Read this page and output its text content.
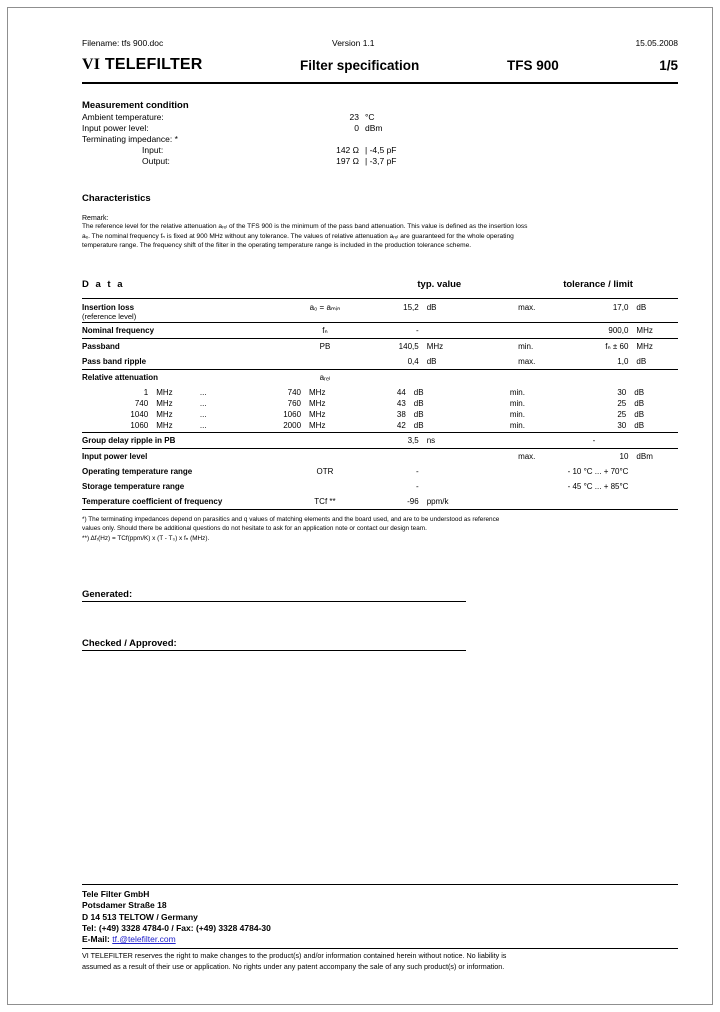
Filename: tfs 900.doc	Version 1.1	15.05.2008
VI TELEFILTER	Filter specification	TFS 900	1/5
Measurement condition
Ambient temperature:	23	°C
Input power level:	0	dBm
Terminating impedance: *		
Input:	142 Ω	| -4,5 pF
Output:	197 Ω	| -3,7 pF
Characteristics
Remark:
The reference level for the relative attenuation aᵣₑₗ of the TFS 900 is the minimum of the pass band attenuation. This value is defined as the insertion loss
aₑ. The nominal frequency fₙ is fixed at 900 MHz without any tolerance. The values of relative attenuation aᵣₑₗ are guaranteed for the whole operating
temperature range. The frequency shift of the filter in the operating temperature range is included in the production tolerance scheme.
D a t a		typ. value		tolerance / limit		
Insertion loss	a₀ = aₘᵢₙ	15,2	dB	max.	17,0	dB
(reference level)						
Nominal frequency	fₙ	-			900,0	MHz
Passband	PB	140,5	MHz	min.	fₙ ± 60	MHz
Pass band ripple		0,4	dB	max.	1,0	dB
Relative attenuation	aᵣₑₗ					
1	MHz	...	740	MHz	44	dB	min.	30	dB
740	MHz	...	760	MHz	43	dB	min.	25	dB
1040	MHz	...	1060	MHz	38	dB	min.	25	dB
1060	MHz	...	2000	MHz	42	dB	min.	30	dB
Group delay ripple in PB		3,5	ns		-	
Input power level				max.	10	dBm
Operating temperature range	OTR	-		- 10 °C ... + 70°C		
Storage temperature range		-		- 45 °C ... + 85°C		
Temperature coefficient of frequency	TCf **	-96	ppm/k			
*) The terminating impedances depend on parasitics and q values of matching elements and the board used, and are to be understood as reference
values only. Should there be additional questions do not hesitate to ask for an application note or contact our design team.
**) Δfᵣ(Hz) = TCf(ppm/K) x (T - T₀) x fₙ (MHz).
Generated:
Checked / Approved:
Tele Filter GmbH
Potsdamer Straße 18
D 14 513 TELTOW / Germany
Tel: (+49) 3328 4784-0 / Fax: (+49) 3328 4784-30
E-Mail: tf.@telefilter.com
VI TELEFILTER reserves the right to make changes to the product(s) and/or information contained herein without notice. No liability is
assumed as a result of their use or application. No rights under any patent accompany the sale of any such product(s) or information.
